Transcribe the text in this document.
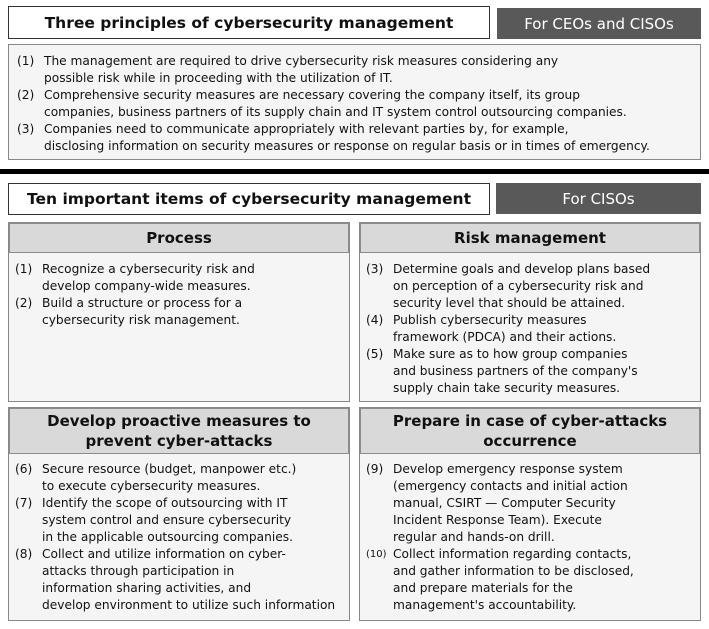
Three principles of cybersecurity management	For CEOs and CISOs
(1) The management are required to drive cybersecurity risk measures considering any
possible risk while in proceeding with the utilization of IT.
(2) Comprehensive security measures are necessary covering the company itself, its group
companies, business partners of its supply chain and IT system control outsourcing companies.
(3) Companies need to communicate appropriately with relevant parties by, for example,
disclosing information on security measures or response on regular basis or in times of emergency.
Ten important items of cybersecurity management	For CISOs
Process
(1) Recognize a cybersecurity risk and
develop company-wide measures.
(2) Build a structure or process for a
cybersecurity risk management.
Risk management
(3) Determine goals and develop plans based
on perception of a cybersecurity risk and
security level that should be attained.
(4) Publish cybersecurity measures
framework (PDCA) and their actions.
(5) Make sure as to how group companies
and business partners of the company's
supply chain take security measures.
Develop proactive measures to
prevent cyber-attacks
(6) Secure resource (budget, manpower etc.)
to execute cybersecurity measures.
(7) Identify the scope of outsourcing with IT
system control and ensure cybersecurity
in the applicable outsourcing companies.
(8) Collect and utilize information on cyber-
attacks through participation in
information sharing activities, and
develop environment to utilize such information
Prepare in case of cyber-attacks
occurrence
(9) Develop emergency response system
(emergency contacts and initial action
manual, CSIRT — Computer Security
Incident Response Team). Execute
regular and hands-on drill.
(10) Collect information regarding contacts,
and gather information to be disclosed,
and prepare materials for the
management's accountability.
